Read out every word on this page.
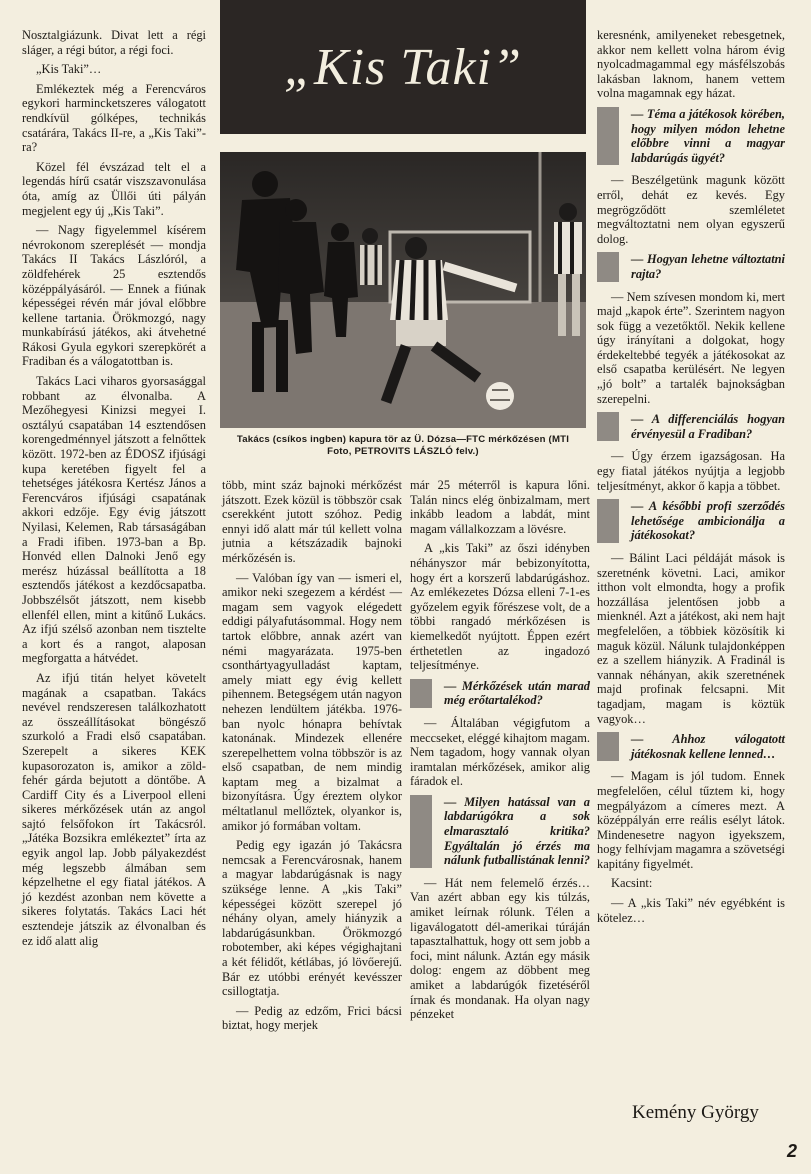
„Kis Taki”
Takács (csíkos ingben) kapura tör az Ü. Dózsa—FTC mérkőzésen (MTI Foto, PETROVITS LÁSZLÓ felv.)

Nosztalgiázunk. Divat lett a régi sláger, a régi bútor, a régi foci.

„Kis Taki”…

Emlékeztek még a Ferencváros egykori harmincketszeres válogatott rendkívül gólképes, technikás csatárára, Takács II-re, a „Kis Taki”-ra?

Közel fél évszázad telt el a legendás hírű csatár viszszavonulása óta, amíg az Üllői úti pályán megjelent egy új „Kis Taki”.

— Nagy figyelemmel kísérem névrokonom szereplését — mondja Takács II Takács Lászlóról, a zöldfehérek 25 esztendős középpályásáról. — Ennek a fiúnak képességei révén már jóval előbbre kellene tartania. Örökmozgó, nagy munkabírású játékos, aki átvehetné Rákosi Gyula egykori szerepkörét a Fradiban és a válogatottban is.

Takács Laci viharos gyorsasággal robbant az élvonalba. A Mezőhegyesi Kinizsi megyei I. osztályú csapatában 14 esztendősen korengedménnyel játszott a felnőttek között. 1972-ben az ÉDOSZ ifjúsági kupa keretében figyelt fel a tehetséges játékosra Kertész János a Ferencváros ifjúsági csapatának akkori edzője. Egy évig játszott Nyilasi, Kelemen, Rab társaságában a Fradi ifiben. 1973-ban a Bp. Honvéd ellen Dalnoki Jenő egy merész húzással beállította a 18 esztendős játékost a kezdőcsapatba. Jobbszélsőt játszott, nem kisebb ellenfél ellen, mint a kitűnő Lukács. Az ifjú szélső azonban nem tisztelte a kort és a rangot, alaposan megforgatta a hátvédet.

Az ifjú titán helyet követelt magának a csapatban. Takács nevével rendszeresen találkozhatott az összeállításokat böngésző szurkoló a Fradi első csapatában. Szerepelt a sikeres KEK kupasorozaton is, amikor a zöld-fehér gárda bejutott a döntőbe. A Cardiff City és a Liverpool elleni sikeres mérkőzések után az angol sajtó felsőfokon írt Takácsról. „Játéka Bozsikra emlékeztet” írta az egyik angol lap. Jobb pályakezdést még legszebb álmában sem képzelhetne el egy fiatal játékos. A jó kezdést azonban nem követte a sikeres folytatás. Takács Laci hét esztendeje játszik az élvonalban és ez idő alatt alig

több, mint száz bajnoki mérkőzést játszott. Ezek közül is többször csak cserekként jutott szóhoz. Pedig ennyi idő alatt már túl kellett volna jutnia a kétszázadik bajnoki mérkőzésén is.

— Valóban így van — ismeri el, amikor neki szegezem a kérdést — magam sem vagyok elégedett eddigi pályafutásommal. Hogy nem tartok előbbre, annak azért van némi magyarázata. 1975-ben csonthártyagyulladást kaptam, amely miatt egy évig kellett pihennem. Betegségem után nagyon nehezen lendültem játékba. 1976-ban nyolc hónapra behívtak katonának. Mindezek ellenére szerepelhettem volna többször is az első csapatban, de nem mindig kaptam meg a bizalmat a bizonyításra. Úgy éreztem olykor méltatlanul mellőztek, olyankor is, amikor jó formában voltam.

Pedig egy igazán jó Takácsra nemcsak a Ferencvárosnak, hanem a magyar labdarúgásnak is nagy szüksége lenne. A „kis Taki” képességei között szerepel jó néhány olyan, amely hiányzik a labdarúgásunkban. Örökmozgó robotember, aki képes végighajtani a két félidőt, kétlábas, jó lövőerejű. Bár ez utóbbi erényét kevésszer csillogtatja.

— Pedig az edzőm, Frici bácsi biztat, hogy merjek

már 25 méterről is kapura lőni. Talán nincs elég önbizalmam, mert inkább leadom a labdát, mint magam vállalkozzam a lövésre.

A „kis Taki” az őszi idényben néhányszor már bebizonyította, hogy ért a korszerű labdarúgáshoz. Az emlékezetes Dózsa elleni 7-1-es győzelem egyik főrészese volt, de a többi rangadó mérkőzésen is kiemelkedőt nyújtott. Éppen ezért érthetetlen az ingadozó teljesítménye.

— Mérkőzések után marad még erőtartalékod?

— Általában végigfutom a meccseket, eléggé kihajtom magam. Nem tagadom, hogy vannak olyan iramtalan mérkőzések, amikor alig fáradok el.

— Milyen hatással van a labdarúgókra a sok elmarasztaló kritika? Egyáltalán jó érzés ma nálunk futballistának lenni?

— Hát nem felemelő érzés… Van azért abban egy kis túlzás, amiket leírnak rólunk. Télen a ligaválogatott dél-amerikai túráján tapasztalhattuk, hogy ott sem jobb a foci, mint nálunk. Aztán egy másik dolog: engem az döbbent meg amiket a labdarúgók fizetéséről írnak és mondanak. Ha olyan nagy pénzeket

keresnénk, amilyeneket rebesgetnek, akkor nem kellett volna három évig nyolcadmagammal egy másfélszobás lakásban laknom, hanem vettem volna magamnak egy házat.

— Téma a játékosok körében, hogy milyen módon lehetne előbbre vinni a magyar labdarúgás ügyét?

— Beszélgetünk magunk között erről, dehát ez kevés. Egy megrögződött szemléletet megváltoztatni nem olyan egyszerű dolog.

— Hogyan lehetne változtatni rajta?

— Nem szívesen mondom ki, mert majd „kapok érte”. Szerintem nagyon sok függ a vezetőktől. Nekik kellene úgy irányítani a dolgokat, hogy érdekeltebbé tegyék a játékosokat az első csapatba kerülésért. Ne legyen „jó bolt” a tartalék bajnokságban szerepelni.

— A differenciálás hogyan érvényesül a Fradiban?

— Úgy érzem igazságosan. Ha egy fiatal játékos nyújtja a legjobb teljesítményt, akkor ő kapja a többet.

— A későbbi profi szerződés lehetősége ambicionálja a játékosokat?

— Bálint Laci példáját mások is szeretnénk követni. Laci, amikor itthon volt elmondta, hogy a profik hozzállása jelentősen jobb a mienknél. Azt a játékost, aki nem hajt megfelelően, a többiek közösítik ki maguk közül. Nálunk tulajdonképpen ez a szellem hiányzik. A Fradinál is vannak néhányan, akik szeretnének majd profinak felcsapni. Mit tagadjam, magam is köztük vagyok…

— Ahhoz válogatott játékosnak kellene lenned…

— Magam is jól tudom. Ennek megfelelően, célul tűztem ki, hogy megpályázom a címeres mezt. A középpályán erre reális esélyt látok. Mindenesetre nagyon igyekszem, hogy felhívjam magamra a szövetségi kapitány figyelmét.

Kacsint:

— A „kis Taki” név egyébként is kötelez…

Kemény György
2
